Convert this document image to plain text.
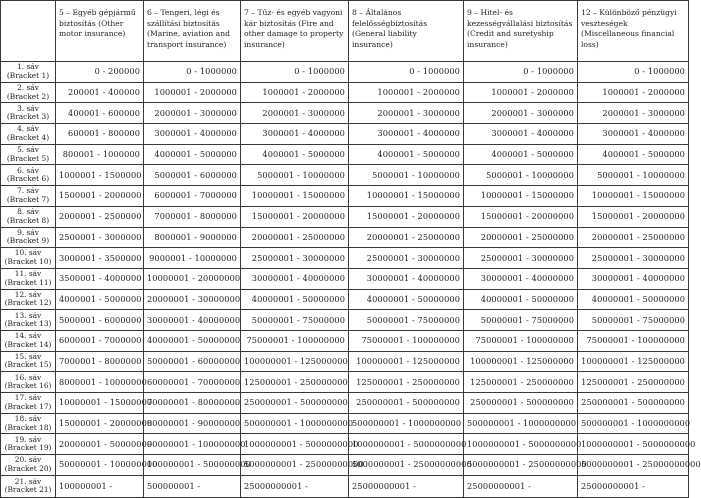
	5 – Egyéb gépjármű biztosítás (Other motor insurance)	6 – Tengeri, légi és szállítási biztosítás (Marine, aviation and transport insurance)	7 – Tűz- és egyéb vagyoni kár biztosítás (Fire and other damage to property insurance)	8 – Általános felelősségbiztosítás (General liability insurance)	9 – Hitel- és kezességvállalási biztosítás (Credit and suretyship insurance)	12 – Különböző pénzügyi veszteségek (Miscellaneous financial loss)
1. sáv (Bracket 1)	0 - 200000	0 - 1000000	0 - 1000000	0 - 1000000	0 - 1000000	0 - 1000000
2. sáv (Bracket 2)	200001 - 400000	1000001 - 2000000	1000001 - 2000000	1000001 - 2000000	1000001 - 2000000	1000001 - 2000000
3. sáv (Bracket 3)	400001 - 600000	2000001 - 3000000	2000001 - 3000000	2000001 - 3000000	2000001 - 3000000	2000001 - 3000000
4. sáv (Bracket 4)	600001 - 800000	3000001 - 4000000	3000001 - 4000000	3000001 - 4000000	3000001 - 4000000	3000001 - 4000000
5. sáv (Bracket 5)	800001 - 1000000	4000001 - 5000000	4000001 - 5000000	4000001 - 5000000	4000001 - 5000000	4000001 - 5000000
6. sáv (Bracket 6)	1000001 - 1500000	5000001 - 6000000	5000001 - 10000000	5000001 - 10000000	5000001 - 10000000	5000001 - 10000000
7. sáv (Bracket 7)	1500001 - 2000000	6000001 - 7000000	10000001 - 15000000	10000001 - 15000000	10000001 - 15000000	10000001 - 15000000
8. sáv (Bracket 8)	2000001 - 2500000	7000001 - 8000000	15000001 - 20000000	15000001 - 20000000	15000001 - 20000000	15000001 - 20000000
9. sáv (Bracket 9)	2500001 - 3000000	8000001 - 9000000	20000001 - 25000000	20000001 - 25000000	20000001 - 25000000	20000001 - 25000000
10. sáv (Bracket 10)	3000001 - 3500000	9000001 - 10000000	25000001 - 30000000	25000001 - 30000000	25000001 - 30000000	25000001 - 30000000
11. sáv (Bracket 11)	3500001 - 4000000	10000001 - 20000000	30000001 - 40000000	30000001 - 40000000	30000001 - 40000000	30000001 - 40000000
12. sáv (Bracket 12)	4000001 - 5000000	20000001 - 30000000	40000001 - 50000000	40000001 - 50000000	40000001 - 50000000	40000001 - 50000000
13. sáv (Bracket 13)	5000001 - 6000000	30000001 - 40000000	50000001 - 75000000	50000001 - 75000000	50000001 - 75000000	50000001 - 75000000
14. sáv (Bracket 14)	6000001 - 7000000	40000001 - 50000000	75000001 - 100000000	75000001 - 100000000	75000001 - 100000000	75000001 - 100000000
15. sáv (Bracket 15)	7000001 - 8000000	50000001 - 60000000	100000001 - 125000000	100000001 - 125000000	100000001 - 125000000	100000001 - 125000000
16. sáv (Bracket 16)	8000001 - 10000000	60000001 - 70000000	125000001 - 250000000	125000001 - 250000000	125000001 - 250000000	125000001 - 250000000
17. sáv (Bracket 17)	10000001 - 15000000	70000001 - 80000000	250000001 - 500000000	250000001 - 500000000	250000001 - 500000000	250000001 - 500000000
18. sáv (Bracket 18)	15000001 - 20000000	80000001 - 90000000	500000001 - 1000000000	500000001 - 1000000000	500000001 - 1000000000	500000001 - 1000000000
19. sáv (Bracket 19)	20000001 - 50000000	90000001 - 100000000	1000000001 - 5000000000	1000000001 - 5000000000	1000000001 - 5000000000	1000000001 - 5000000000
20. sáv (Bracket 20)	50000001 - 100000000	100000001 - 500000000	5000000001 - 25000000000	5000000001 - 25000000000	5000000001 - 25000000000	5000000001 - 25000000000
21. sáv (Bracket 21)	100000001 -	500000001 -	25000000001 -	25000000001 -	25000000001 -	25000000001 -
